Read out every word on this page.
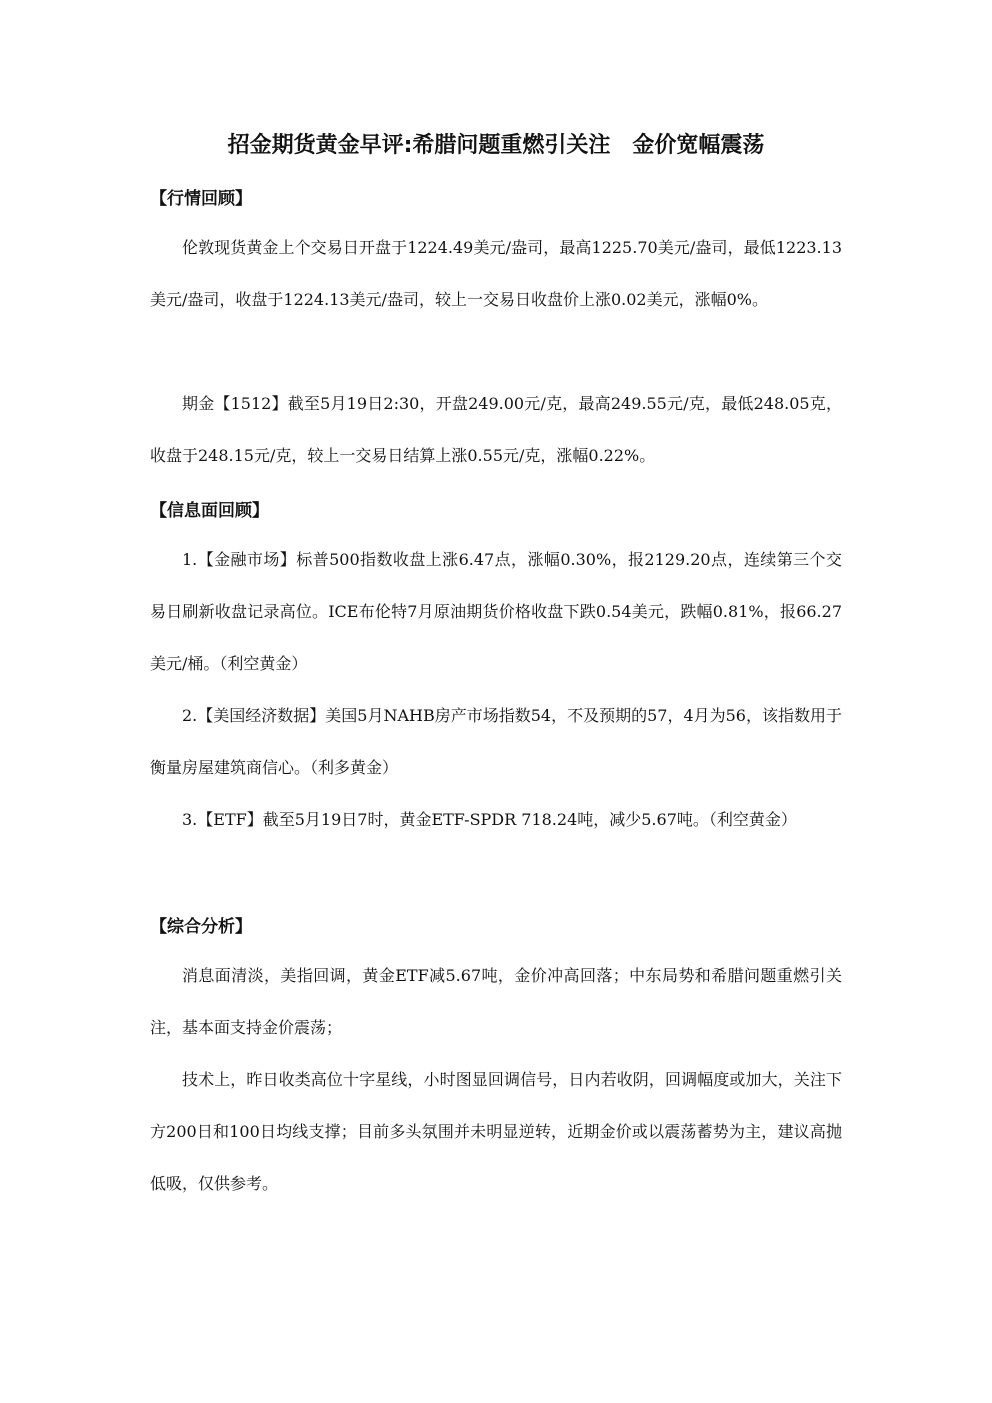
招金期货黄金早评:希腊问题重燃引关注　金价宽幅震荡
【行情回顾】

伦敦现货黄金上个交易日开盘于1224.49美元/盎司，最高1225.70美元/盎司，最低1223.13美元/盎司，收盘于1224.13美元/盎司，较上一交易日收盘价上涨0.02美元，涨幅0%。

期金【1512】截至5月19日2:30，开盘249.00元/克，最高249.55元/克，最低248.05克，收盘于248.15元/克，较上一交易日结算上涨0.55元/克，涨幅0.22%。

【信息面回顾】

1.【金融市场】标普500指数收盘上涨6.47点，涨幅0.30%，报2129.20点，连续第三个交易日刷新收盘记录高位。ICE布伦特7月原油期货价格收盘下跌0.54美元，跌幅0.81%，报66.27美元/桶。（利空黄金）

2.【美国经济数据】美国5月NAHB房产市场指数54，不及预期的57，4月为56，该指数用于衡量房屋建筑商信心。（利多黄金）

3.【ETF】截至5月19日7时，黄金ETF-SPDR 718.24吨，减少5.67吨。（利空黄金）

【综合分析】

消息面清淡，美指回调，黄金ETF减5.67吨，金价冲高回落；中东局势和希腊问题重燃引关注，基本面支持金价震荡；

技术上，昨日收类高位十字星线，小时图显回调信号，日内若收阴，回调幅度或加大，关注下方200日和100日均线支撑；目前多头氛围并未明显逆转，近期金价或以震荡蓄势为主，建议高抛低吸，仅供参考。
